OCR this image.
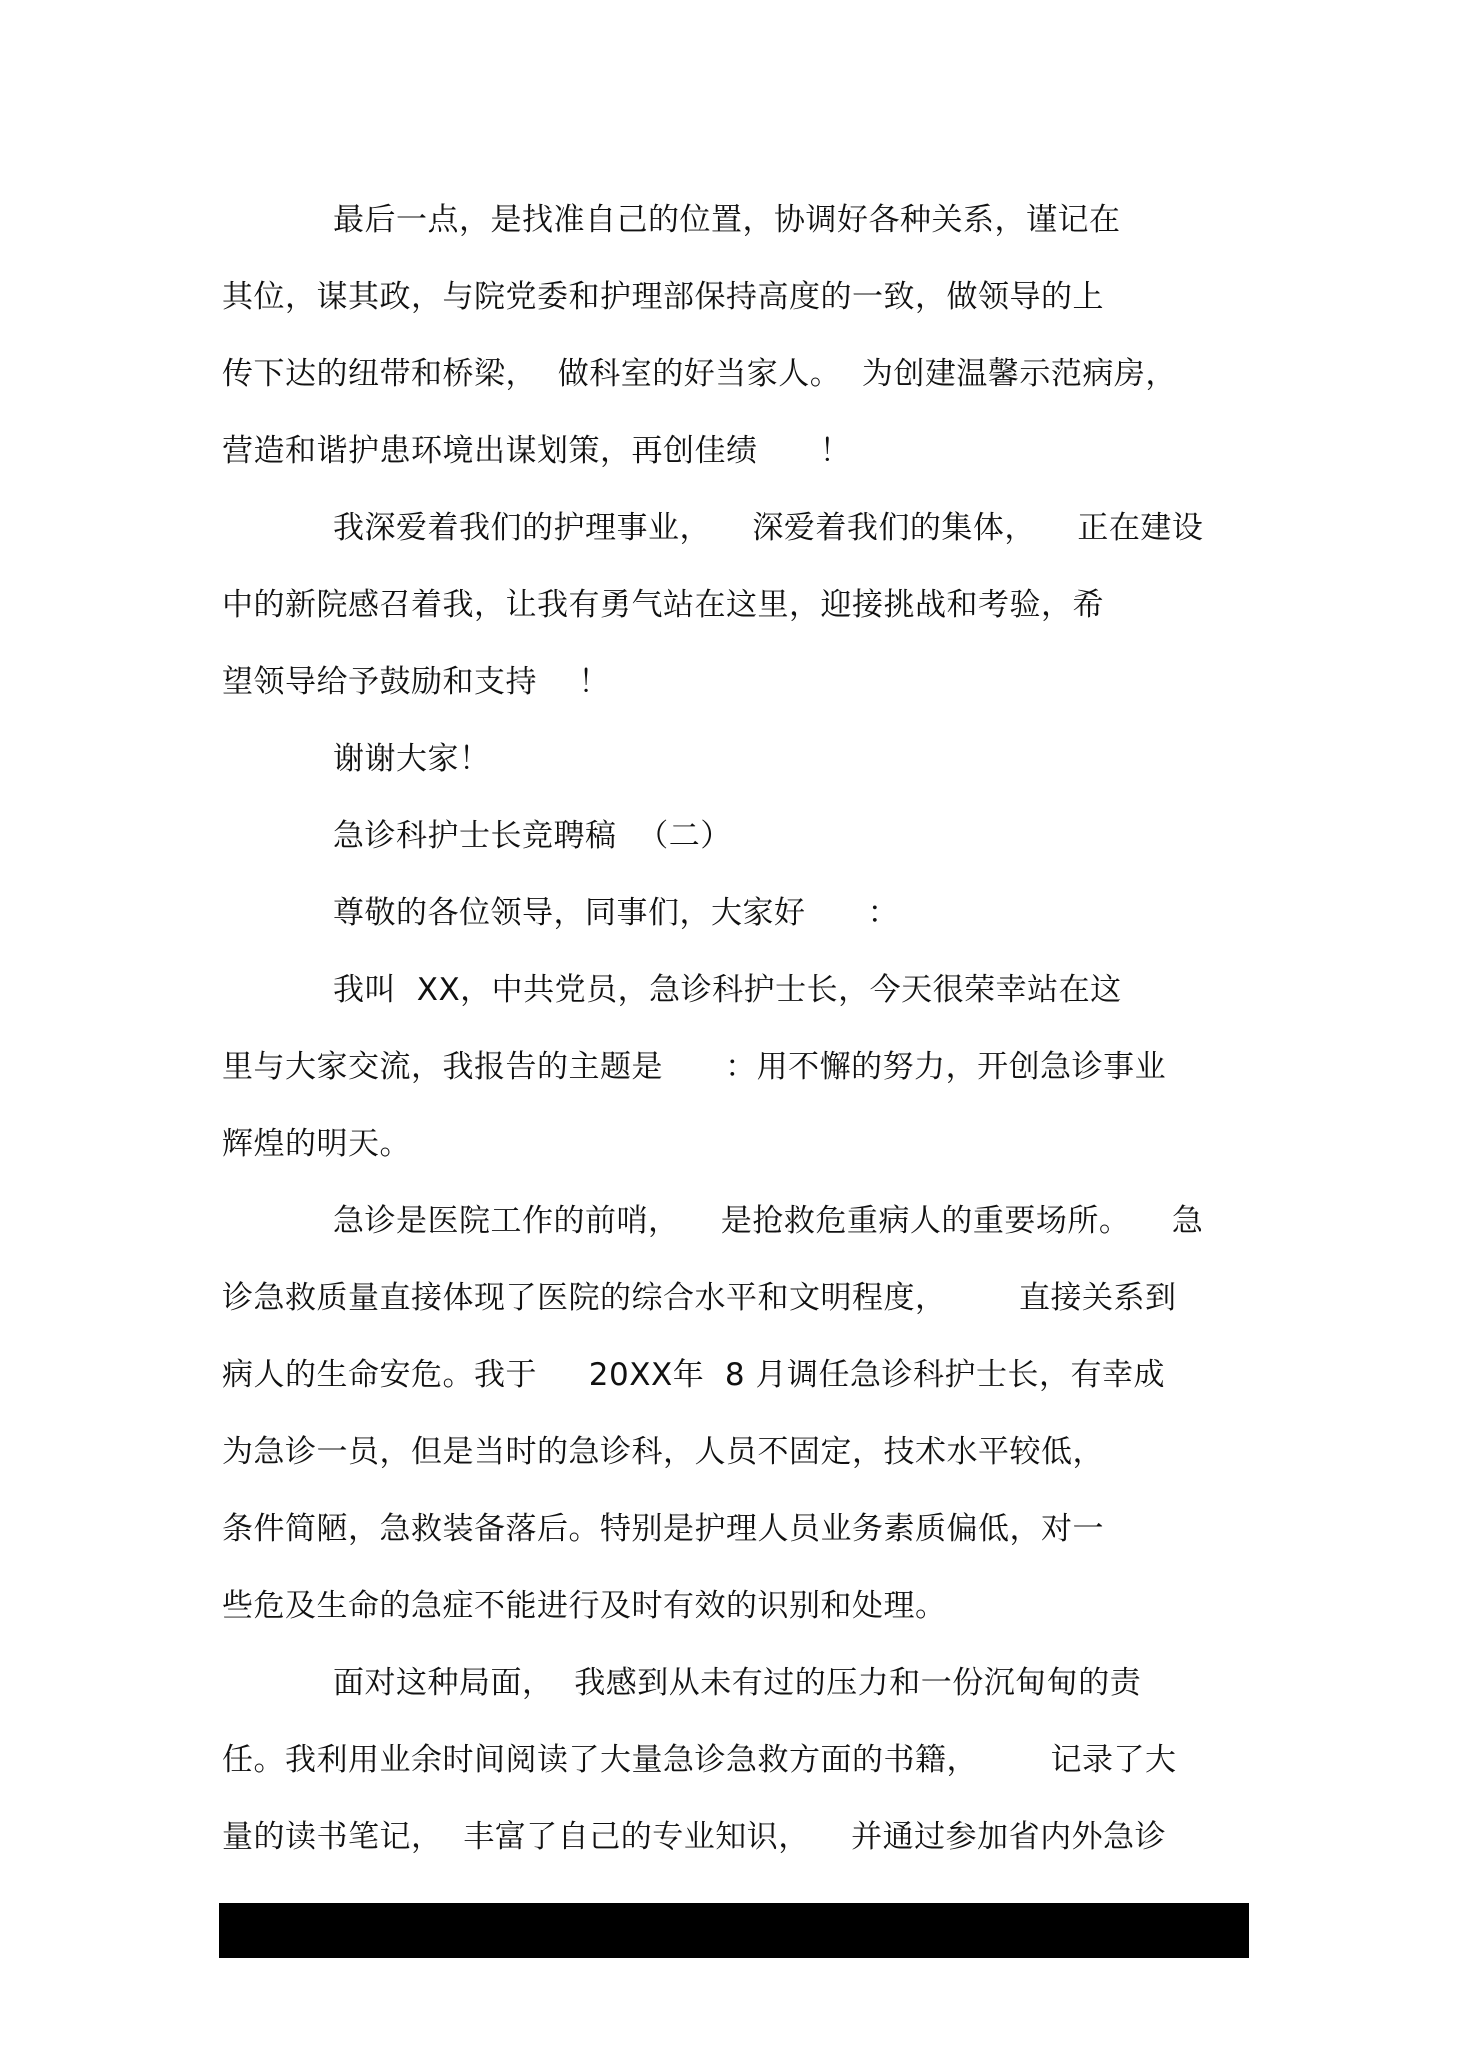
最后一点，是找准自己的位置，协调好各种关系，谨记在
其位，谋其政，与院党委和护理部保持高度的一致，做领导的上
传下达的纽带和桥梁，  做科室的好当家人。  为创建温馨示范病房，
营造和谐护患环境出谋划策，再创佳绩      ！
我深爱着我们的护理事业，    深爱着我们的集体，    正在建设
中的新院感召着我，让我有勇气站在这里，迎接挑战和考验，希
望领导给予鼓励和支持    ！
谢谢大家！
急诊科护士长竞聘稿  （二）
尊敬的各位领导，同事们，大家好      ：
我叫  XX，中共党员，急诊科护士长，今天很荣幸站在这
里与大家交流，我报告的主题是      ：用不懈的努力，开创急诊事业
辉煌的明天。
急诊是医院工作的前哨，    是抢救危重病人的重要场所。    急
诊急救质量直接体现了医院的综合水平和文明程度，       直接关系到
病人的生命安危。我于     20XX年  8 月调任急诊科护士长，有幸成
为急诊一员，但是当时的急诊科，人员不固定，技术水平较低，
条件简陋，急救装备落后。特别是护理人员业务素质偏低，对一
些危及生命的急症不能进行及时有效的识别和处理。
面对这种局面，  我感到从未有过的压力和一份沉甸甸的责
任。我利用业余时间阅读了大量急诊急救方面的书籍，       记录了大
量的读书笔记，  丰富了自己的专业知识，    并通过参加省内外急诊
